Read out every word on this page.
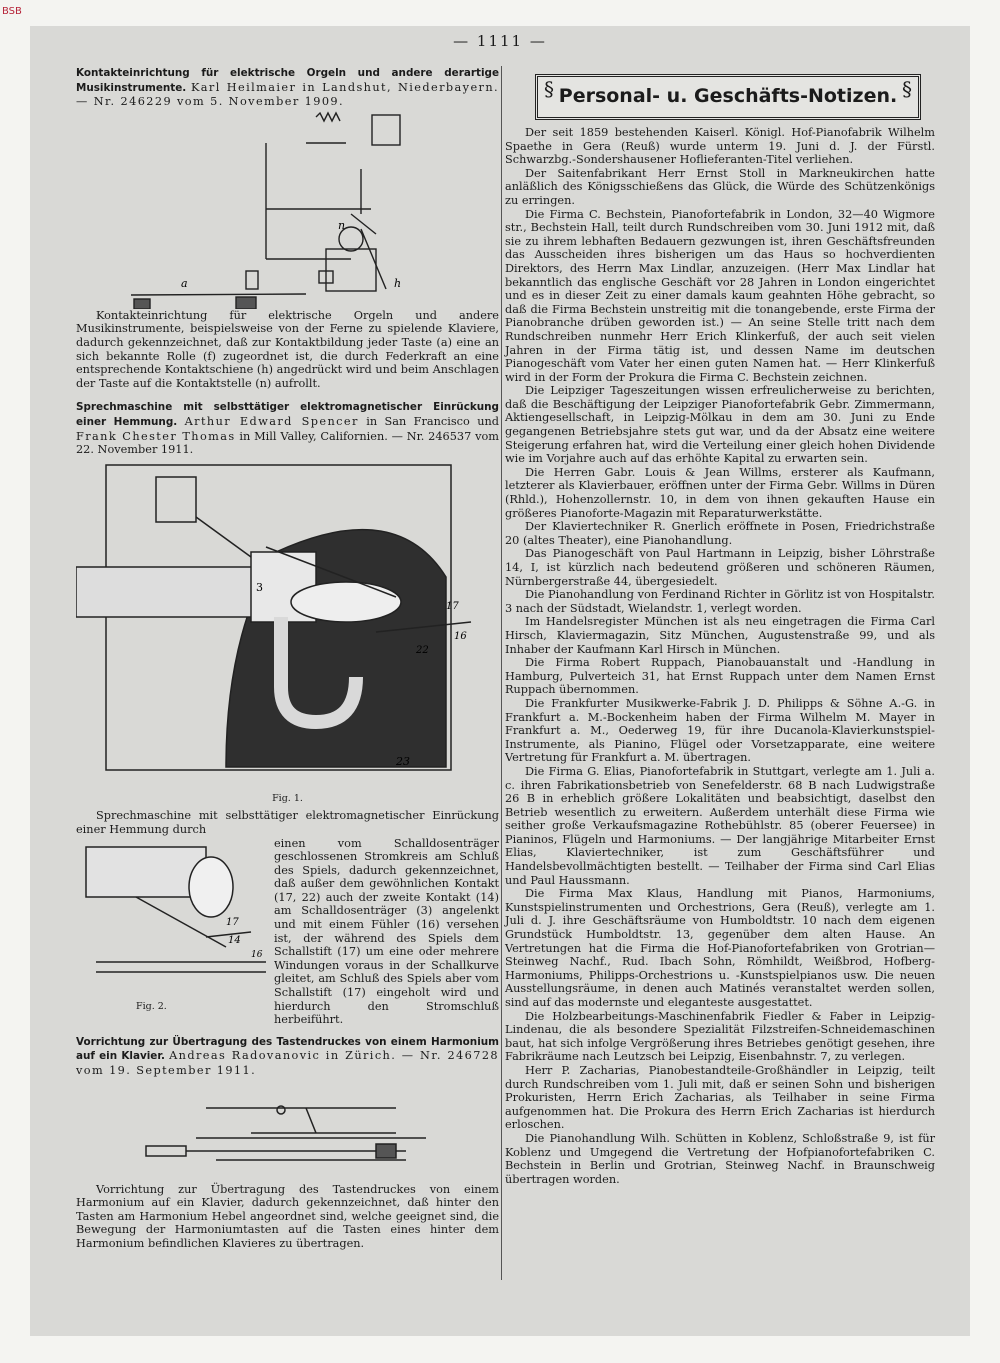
BSB
— 1111 —

Kontakteinrichtung für elektrische Orgeln und andere derartige Musikinstrumente. Karl Heilmaier in Landshut, Niederbayern. — Nr. 246229 vom 5. November 1909.

a
n
h

Kontakteinrichtung für elektrische Orgeln und andere Musikinstrumente, beispielsweise von der Ferne zu spielende Klaviere, dadurch gekennzeichnet, daß zur Kontaktbildung jeder Taste (a) eine an sich bekannte Rolle (f) zugeordnet ist, die durch Federkraft an eine entsprechende Kontaktschiene (h) angedrückt wird und beim Anschlagen der Taste auf die Kontaktstelle (n) aufrollt.

Sprechmaschine mit selbsttätiger elektromagnetischer Einrückung einer Hemmung. Arthur Edward Spencer in San Francisco und Frank Chester Thomas in Mill Valley, Californien. — Nr. 246537 vom 22. November 1911.

3
23
22
16
17
Fig. 1.

Sprechmaschine mit selbsttätiger elektromagnetischer Einrückung einer Hemmung durch

17
14
16
Fig. 2.

einen vom Schalldosenträger geschlossenen Stromkreis am Schluß des Spiels, dadurch gekennzeichnet, daß außer dem gewöhnlichen Kontakt (17, 22) auch der zweite Kontakt (14) am Schalldosenträger (3) angelenkt und mit einem Fühler (16) versehen ist, der während des Spiels dem Schallstift (17) um eine oder mehrere Windungen voraus in der Schallkurve gleitet, am Schluß des Spiels aber vom Schallstift (17) eingeholt wird und hierdurch den Stromschluß herbeiführt.

Vorrichtung zur Übertragung des Tastendruckes von einem Harmonium auf ein Klavier. Andreas Radovanovic in Zürich. — Nr. 246728 vom 19. September 1911.

Vorrichtung zur Übertragung des Tastendruckes von einem Harmonium auf ein Klavier, dadurch gekennzeichnet, daß hinter den Tasten am Harmonium Hebel angeordnet sind, welche geeignet sind, die Bewegung der Harmoniumtasten auf die Tasten eines hinter dem Harmonium befindlichen Klavieres zu übertragen.

§ Personal- u. Geschäfts-Notizen. §

Der seit 1859 bestehenden Kaiserl. Königl. Hof-Pianofabrik Wilhelm Spaethe in Gera (Reuß) wurde unterm 19. Juni d. J. der Fürstl. Schwarzbg.-Sondershausener Hoflieferanten-Titel verliehen.

Der Saitenfabrikant Herr Ernst Stoll in Markneukirchen hatte anläßlich des Königsschießens das Glück, die Würde des Schützenkönigs zu erringen.

Die Firma C. Bechstein, Pianofortefabrik in London, 32—40 Wigmore str., Bechstein Hall, teilt durch Rundschreiben vom 30. Juni 1912 mit, daß sie zu ihrem lebhaften Bedauern gezwungen ist, ihren Geschäftsfreunden das Ausscheiden ihres bisherigen um das Haus so hochverdienten Direktors, des Herrn Max Lindlar, anzuzeigen. (Herr Max Lindlar hat bekanntlich das englische Geschäft vor 28 Jahren in London eingerichtet und es in dieser Zeit zu einer damals kaum geahnten Höhe gebracht, so daß die Firma Bechstein unstreitig mit die tonangebende, erste Firma der Pianobranche drüben geworden ist.) — An seine Stelle tritt nach dem Rundschreiben nunmehr Herr Erich Klinkerfuß, der auch seit vielen Jahren in der Firma tätig ist, und dessen Name im deutschen Pianogeschäft vom Vater her einen guten Namen hat. — Herr Klinkerfuß wird in der Form der Prokura die Firma C. Bechstein zeichnen.

Die Leipziger Tageszeitungen wissen erfreulicherweise zu berichten, daß die Beschäftigung der Leipziger Pianofortefabrik Gebr. Zimmermann, Aktiengesellschaft, in Leipzig-Mölkau in dem am 30. Juni zu Ende gegangenen Betriebsjahre stets gut war, und da der Absatz eine weitere Steigerung erfahren hat, wird die Verteilung einer gleich hohen Dividende wie im Vorjahre auch auf das erhöhte Kapital zu erwarten sein.

Die Herren Gabr. Louis & Jean Willms, ersterer als Kaufmann, letzterer als Klavierbauer, eröffnen unter der Firma Gebr. Willms in Düren (Rhld.), Hohenzollernstr. 10, in dem von ihnen gekauften Hause ein größeres Pianoforte-Magazin mit Reparaturwerkstätte.

Der Klaviertechniker R. Gnerlich eröffnete in Posen, Friedrichstraße 20 (altes Theater), eine Pianohandlung.

Das Pianogeschäft von Paul Hartmann in Leipzig, bisher Löhrstraße 14, I, ist kürzlich nach bedeutend größeren und schöneren Räumen, Nürnbergerstraße 44, übergesiedelt.

Die Pianohandlung von Ferdinand Richter in Görlitz ist von Hospitalstr. 3 nach der Südstadt, Wielandstr. 1, verlegt worden.

Im Handelsregister München ist als neu eingetragen die Firma Carl Hirsch, Klaviermagazin, Sitz München, Augustenstraße 99, und als Inhaber der Kaufmann Karl Hirsch in München.

Die Firma Robert Ruppach, Pianobauanstalt und -Handlung in Hamburg, Pulverteich 31, hat Ernst Ruppach unter dem Namen Ernst Ruppach übernommen.

Die Frankfurter Musikwerke-Fabrik J. D. Philipps & Söhne A.-G. in Frankfurt a. M.-Bockenheim haben der Firma Wilhelm M. Mayer in Frankfurt a. M., Oederweg 19, für ihre Ducanola-Klavierkunstspiel-Instrumente, als Pianino, Flügel oder Vorsetzapparate, eine weitere Vertretung für Frankfurt a. M. übertragen.

Die Firma G. Elias, Pianofortefabrik in Stuttgart, verlegte am 1. Juli a. c. ihren Fabrikationsbetrieb von Senefelderstr. 68 B nach Ludwigstraße 26 B in erheblich größere Lokalitäten und beabsichtigt, daselbst den Betrieb wesentlich zu erweitern. Außerdem unterhält diese Firma wie seither große Verkaufsmagazine Rothebühlstr. 85 (oberer Feuersee) in Pianinos, Flügeln und Harmoniums. — Der langjährige Mitarbeiter Ernst Elias, Klaviertechniker, ist zum Geschäftsführer und Handelsbevollmächtigten bestellt. — Teilhaber der Firma sind Carl Elias und Paul Haussmann.

Die Firma Max Klaus, Handlung mit Pianos, Harmoniums, Kunstspielinstrumenten und Orchestrions, Gera (Reuß), verlegte am 1. Juli d. J. ihre Geschäftsräume von Humboldtstr. 10 nach dem eigenen Grundstück Humboldtstr. 13, gegenüber dem alten Hause. An Vertretungen hat die Firma die Hof-Pianofortefabriken von Grotrian—Steinweg Nachf., Rud. Ibach Sohn, Römhildt, Weißbrod, Hofberg-Harmoniums, Philipps-Orchestrions u. -Kunstspielpianos usw. Die neuen Ausstellungsräume, in denen auch Matinés veranstaltet werden sollen, sind auf das modernste und eleganteste ausgestattet.

Die Holzbearbeitungs-Maschinenfabrik Fiedler & Faber in Leipzig-Lindenau, die als besondere Spezialität Filzstreifen-Schneidemaschinen baut, hat sich infolge Vergrößerung ihres Betriebes genötigt gesehen, ihre Fabrikräume nach Leutzsch bei Leipzig, Eisenbahnstr. 7, zu verlegen.

Herr P. Zacharias, Pianobestandteile-Großhändler in Leipzig, teilt durch Rundschreiben vom 1. Juli mit, daß er seinen Sohn und bisherigen Prokuristen, Herrn Erich Zacharias, als Teilhaber in seine Firma aufgenommen hat. Die Prokura des Herrn Erich Zacharias ist hierdurch erloschen.

Die Pianohandlung Wilh. Schütten in Koblenz, Schloßstraße 9, ist für Koblenz und Umgegend die Vertretung der Hofpianofortefabriken C. Bechstein in Berlin und Grotrian, Steinweg Nachf. in Braunschweig übertragen worden.
